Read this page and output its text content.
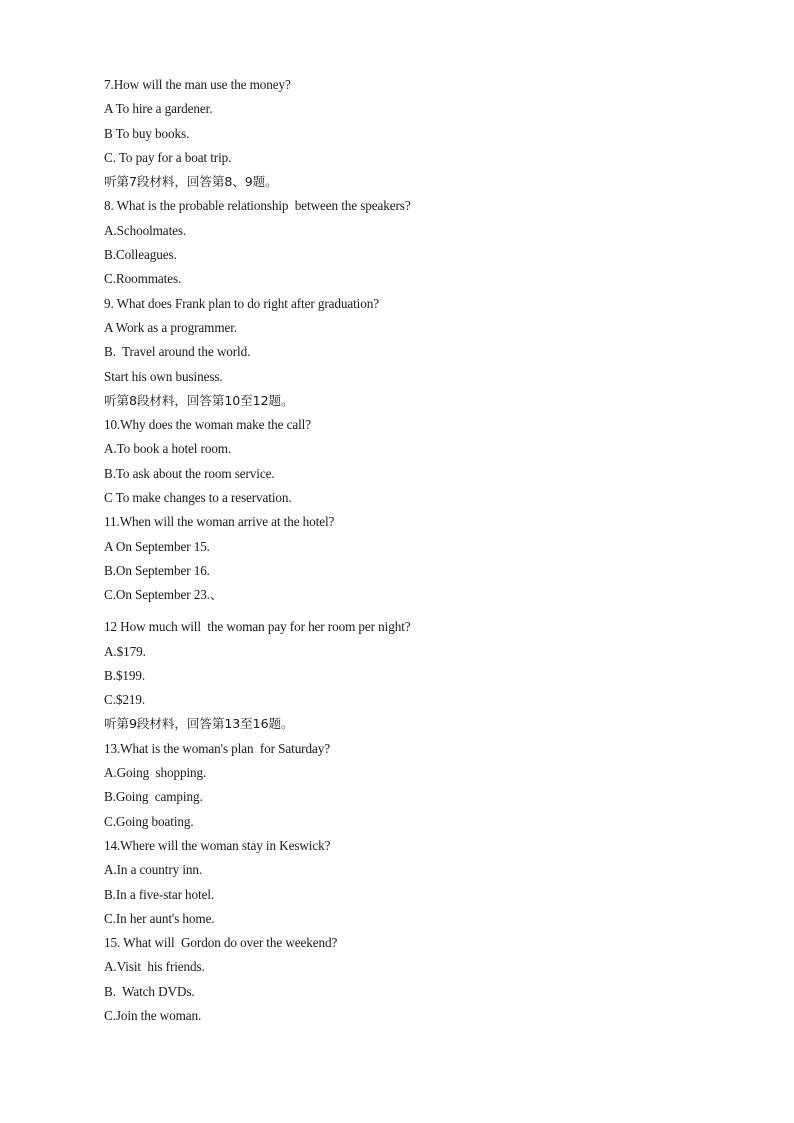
7.How will the man use the money?
A To hire a gardener.
B To buy books.
C. To pay for a boat trip.
听第7段材料，回答第8、9题。
8. What is the probable relationship  between the speakers?
A.Schoolmates.
B.Colleagues.
C.Roommates.
9. What does Frank plan to do right after graduation?
A Work as a programmer.
B.  Travel around the world.
Start his own business.
听第8段材料，回答第10至12题。
10.Why does the woman make the call?
A.To book a hotel room.
B.To ask about the room service.
C To make changes to a reservation.
11.When will the woman arrive at the hotel?
A On September 15.
B.On September 16.
C.On September 23.、
12 How much will  the woman pay for her room per night?
A.$179.
B.$199.
C.$219.
听第9段材料，回答第13至16题。
13.What is the woman's plan  for Saturday?
A.Going  shopping.
B.Going  camping.
C.Going boating.
14.Where will the woman stay in Keswick?
A.In a country inn.
B.In a five-star hotel.
C.In her aunt's home.
15. What will  Gordon do over the weekend?
A.Visit  his friends.
B.  Watch DVDs.
C.Join the woman.
